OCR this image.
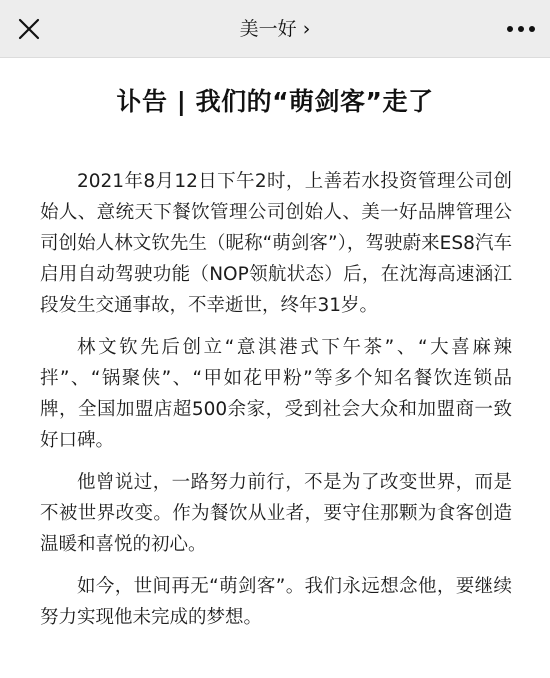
美一好 ›
讣告 | 我们的“萌剑客”走了

2021年8月12日下午2时，上善若水投资管理公司创始人、意统天下餐饮管理公司创始人、美一好品牌管理公司创始人林文钦先生（昵称“萌剑客”），驾驶蔚来ES8汽车启用自动驾驶功能（NOP领航状态）后，在沈海高速涵江段发生交通事故，不幸逝世，终年31岁。

林文钦先后创立“意淇港式下午茶”、“大喜麻辣拌”、“锅聚侠”、“甲如花甲粉”等多个知名餐饮连锁品牌，全国加盟店超500余家，受到社会大众和加盟商一致好口碑。

他曾说过，一路努力前行，不是为了改变世界，而是不被世界改变。作为餐饮从业者，要守住那颗为食客创造温暖和喜悦的初心。

如今，世间再无“萌剑客”。我们永远想念他，要继续努力实现他未完成的梦想。
